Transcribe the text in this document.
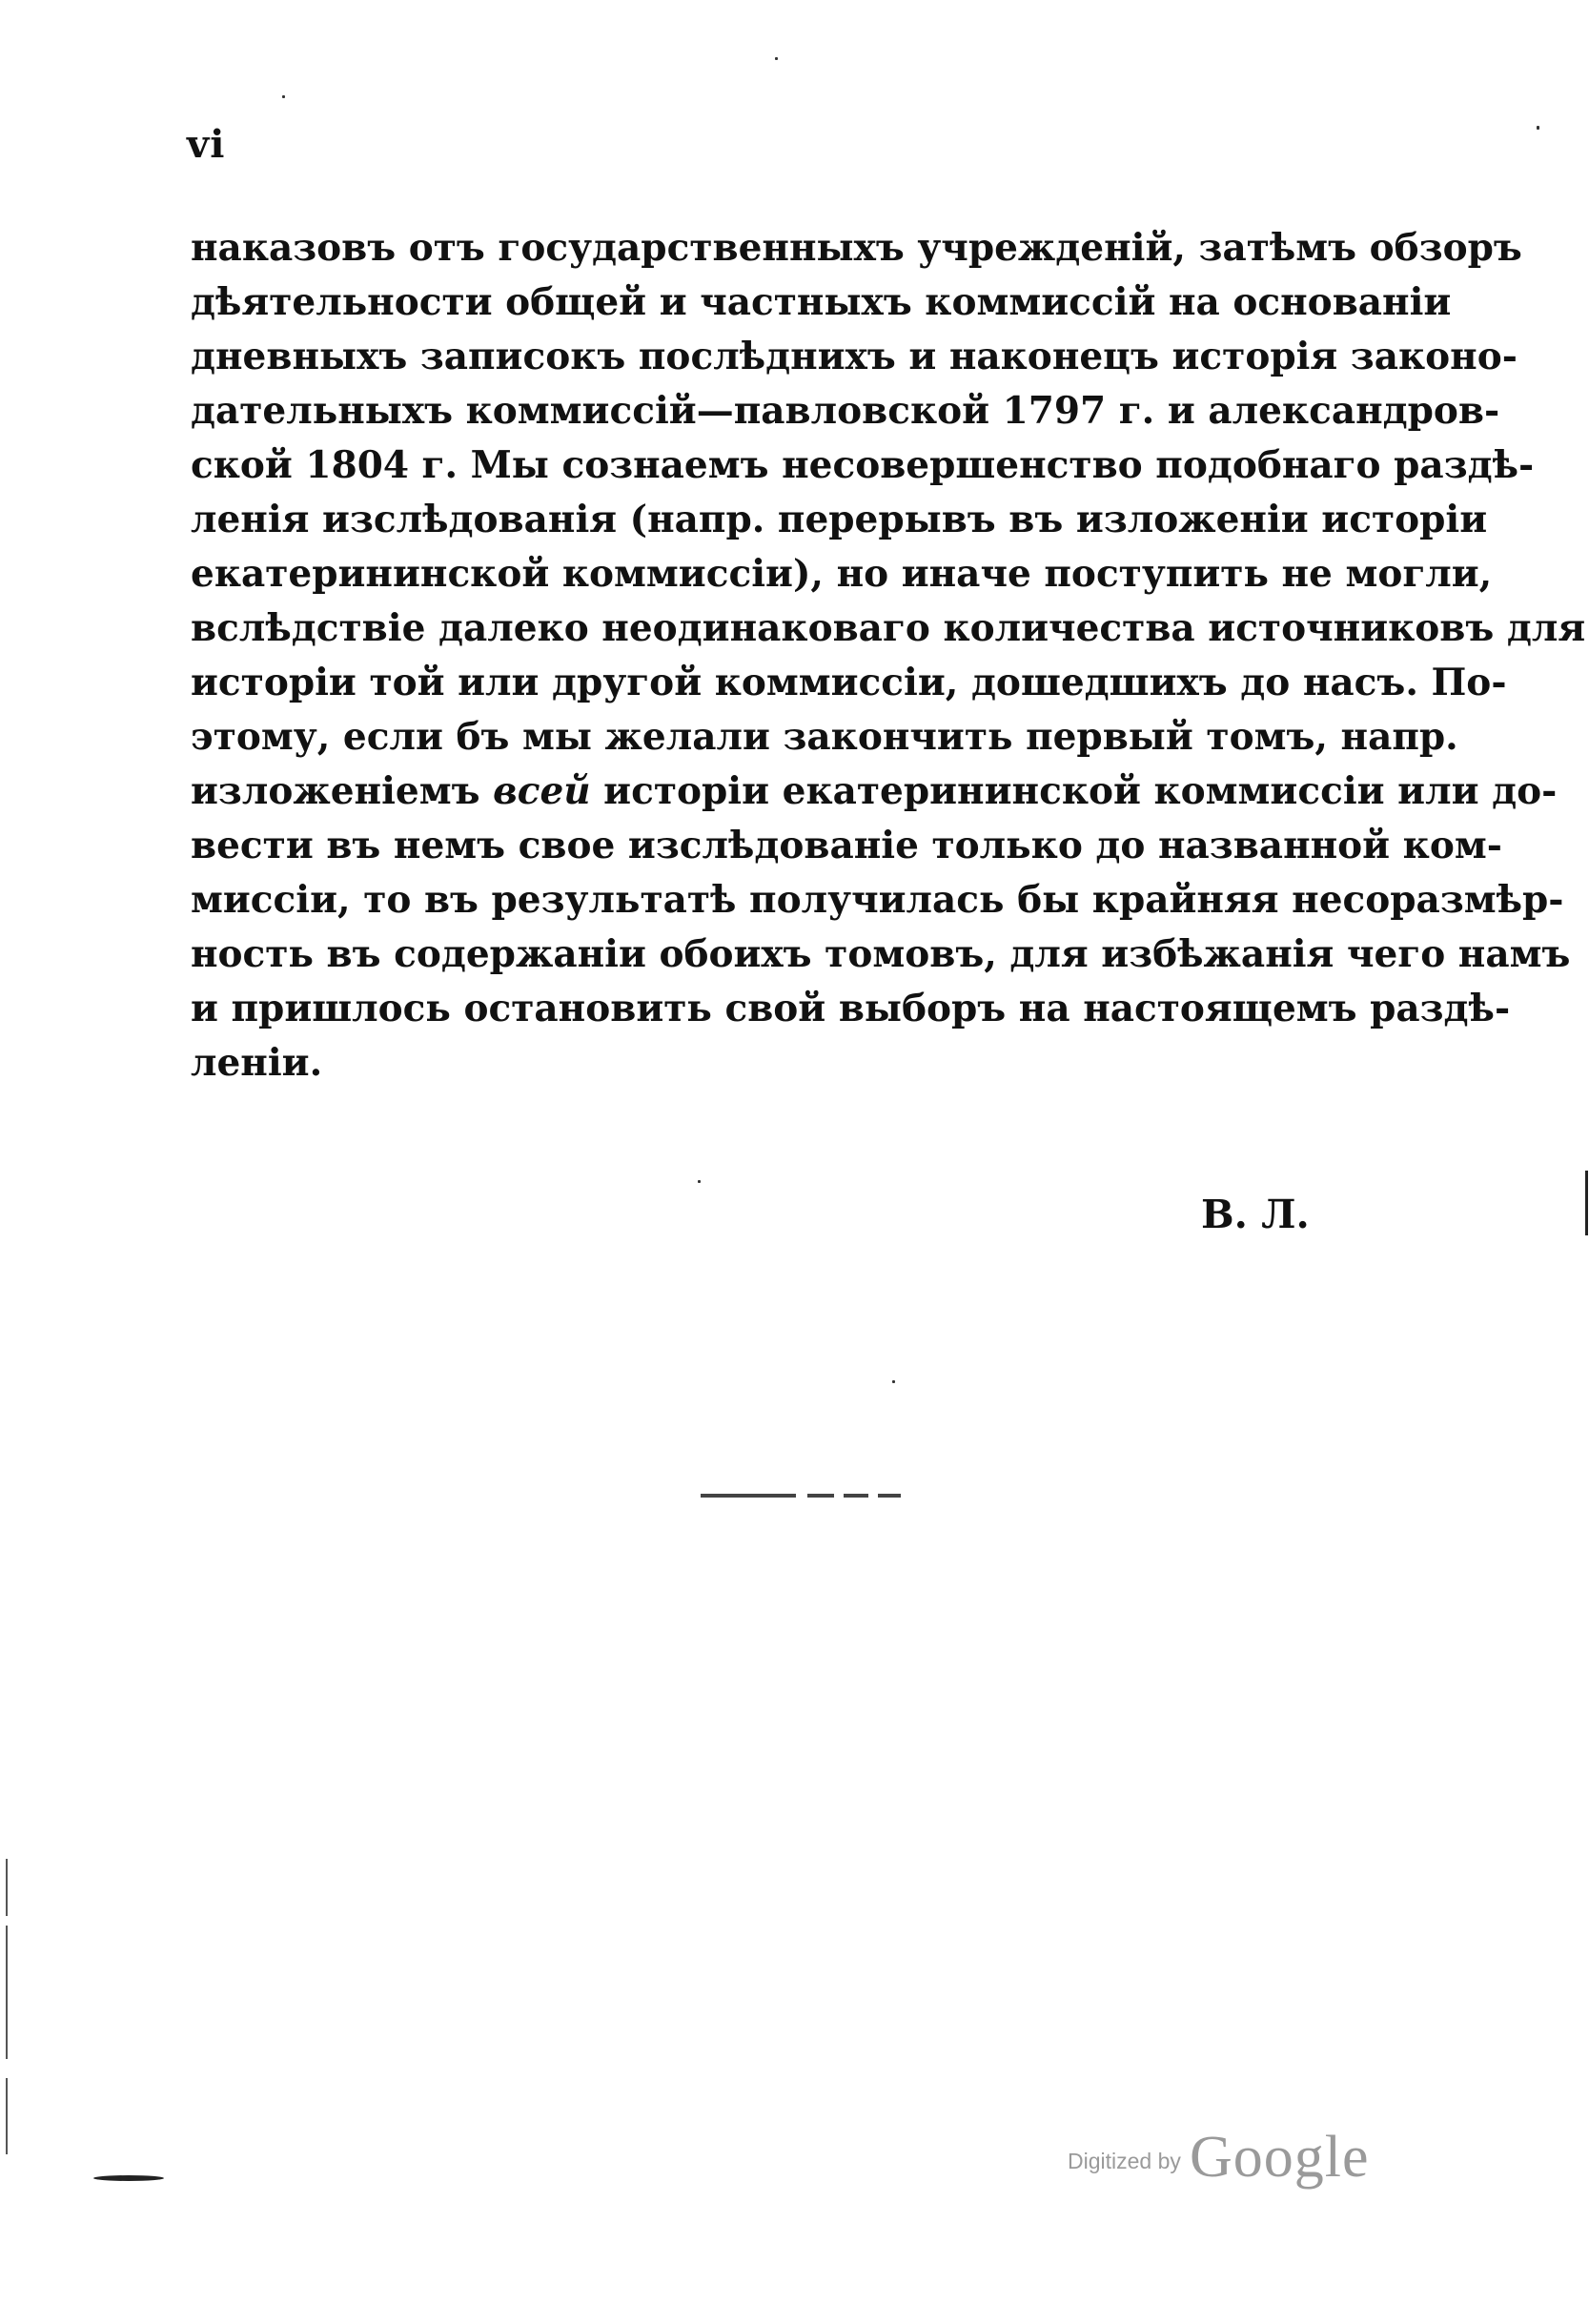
vi
наказовъ отъ государственныхъ учрежденій, затѣмъ обзоръ
дѣятельности общей и частныхъ коммиссій на основаніи
дневныхъ записокъ послѣднихъ и наконецъ исторія законо-
дательныхъ коммиссій—павловской 1797 г. и александров-
ской 1804 г. Мы сознаемъ несовершенство подобнаго раздѣ-
ленія изслѣдованія (напр. перерывъ въ изложеніи исторіи
екатерининской коммиссіи), но иначе поступить не могли,
вслѣдствіе далеко неодинаковаго количества источниковъ для
исторіи той или другой коммиссіи, дошедшихъ до насъ. По-
этому, если бъ мы желали закончить первый томъ, напр.
изложеніемъ всей исторіи екатерининской коммиссіи или до-
вести въ немъ свое изслѣдованіе только до названной ком-
миссіи, то въ результатѣ получилась бы крайняя несоразмѣр-
ность въ содержаніи обоихъ томовъ, для избѣжанія чего намъ
и пришлось остановить свой выборъ на настоящемъ раздѣ-
леніи.
В. Л.
Digitized by Google
